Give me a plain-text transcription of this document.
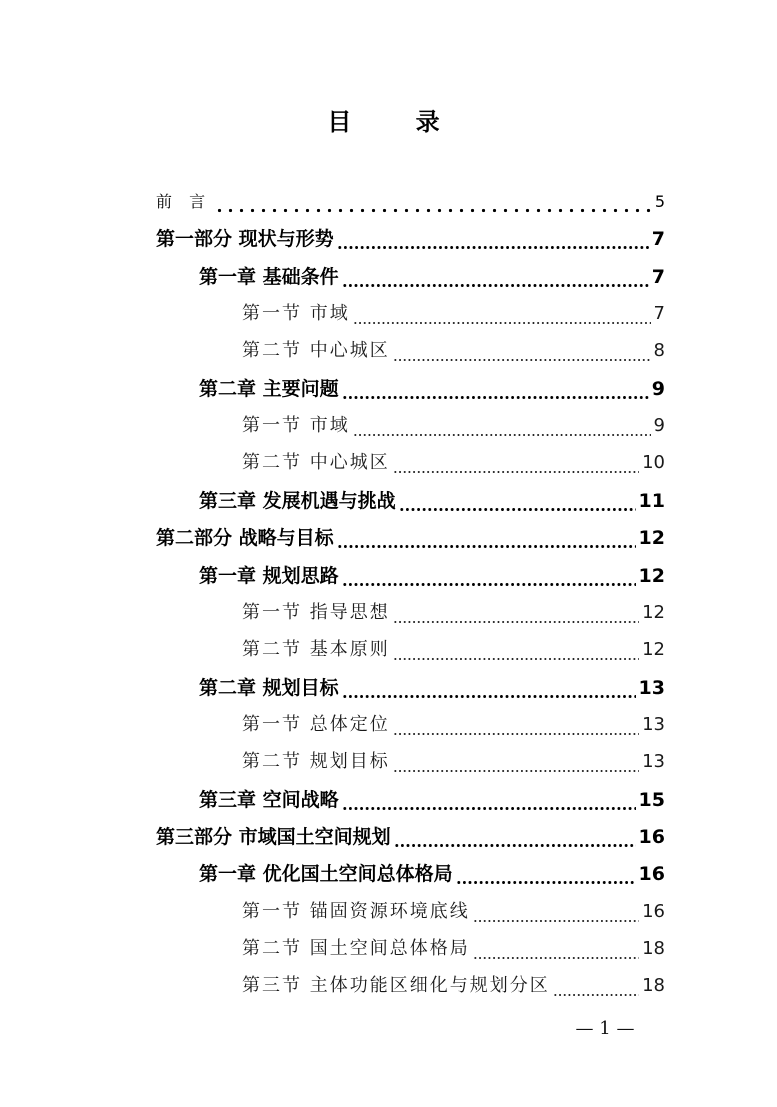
目 录
前 言	5
第一部分 现状与形势	7
第一章 基础条件	7
第一节 市域	7
第二节 中心城区	8
第二章 主要问题	9
第一节 市域	9
第二节 中心城区	10
第三章 发展机遇与挑战	11
第二部分 战略与目标	12
第一章 规划思路	12
第一节 指导思想	12
第二节 基本原则	12
第二章 规划目标	13
第一节 总体定位	13
第二节 规划目标	13
第三章 空间战略	15
第三部分 市域国土空间规划	16
第一章 优化国土空间总体格局	16
第一节 锚固资源环境底线	16
第二节 国土空间总体格局	18
第三节 主体功能区细化与规划分区	18
— 1 —
